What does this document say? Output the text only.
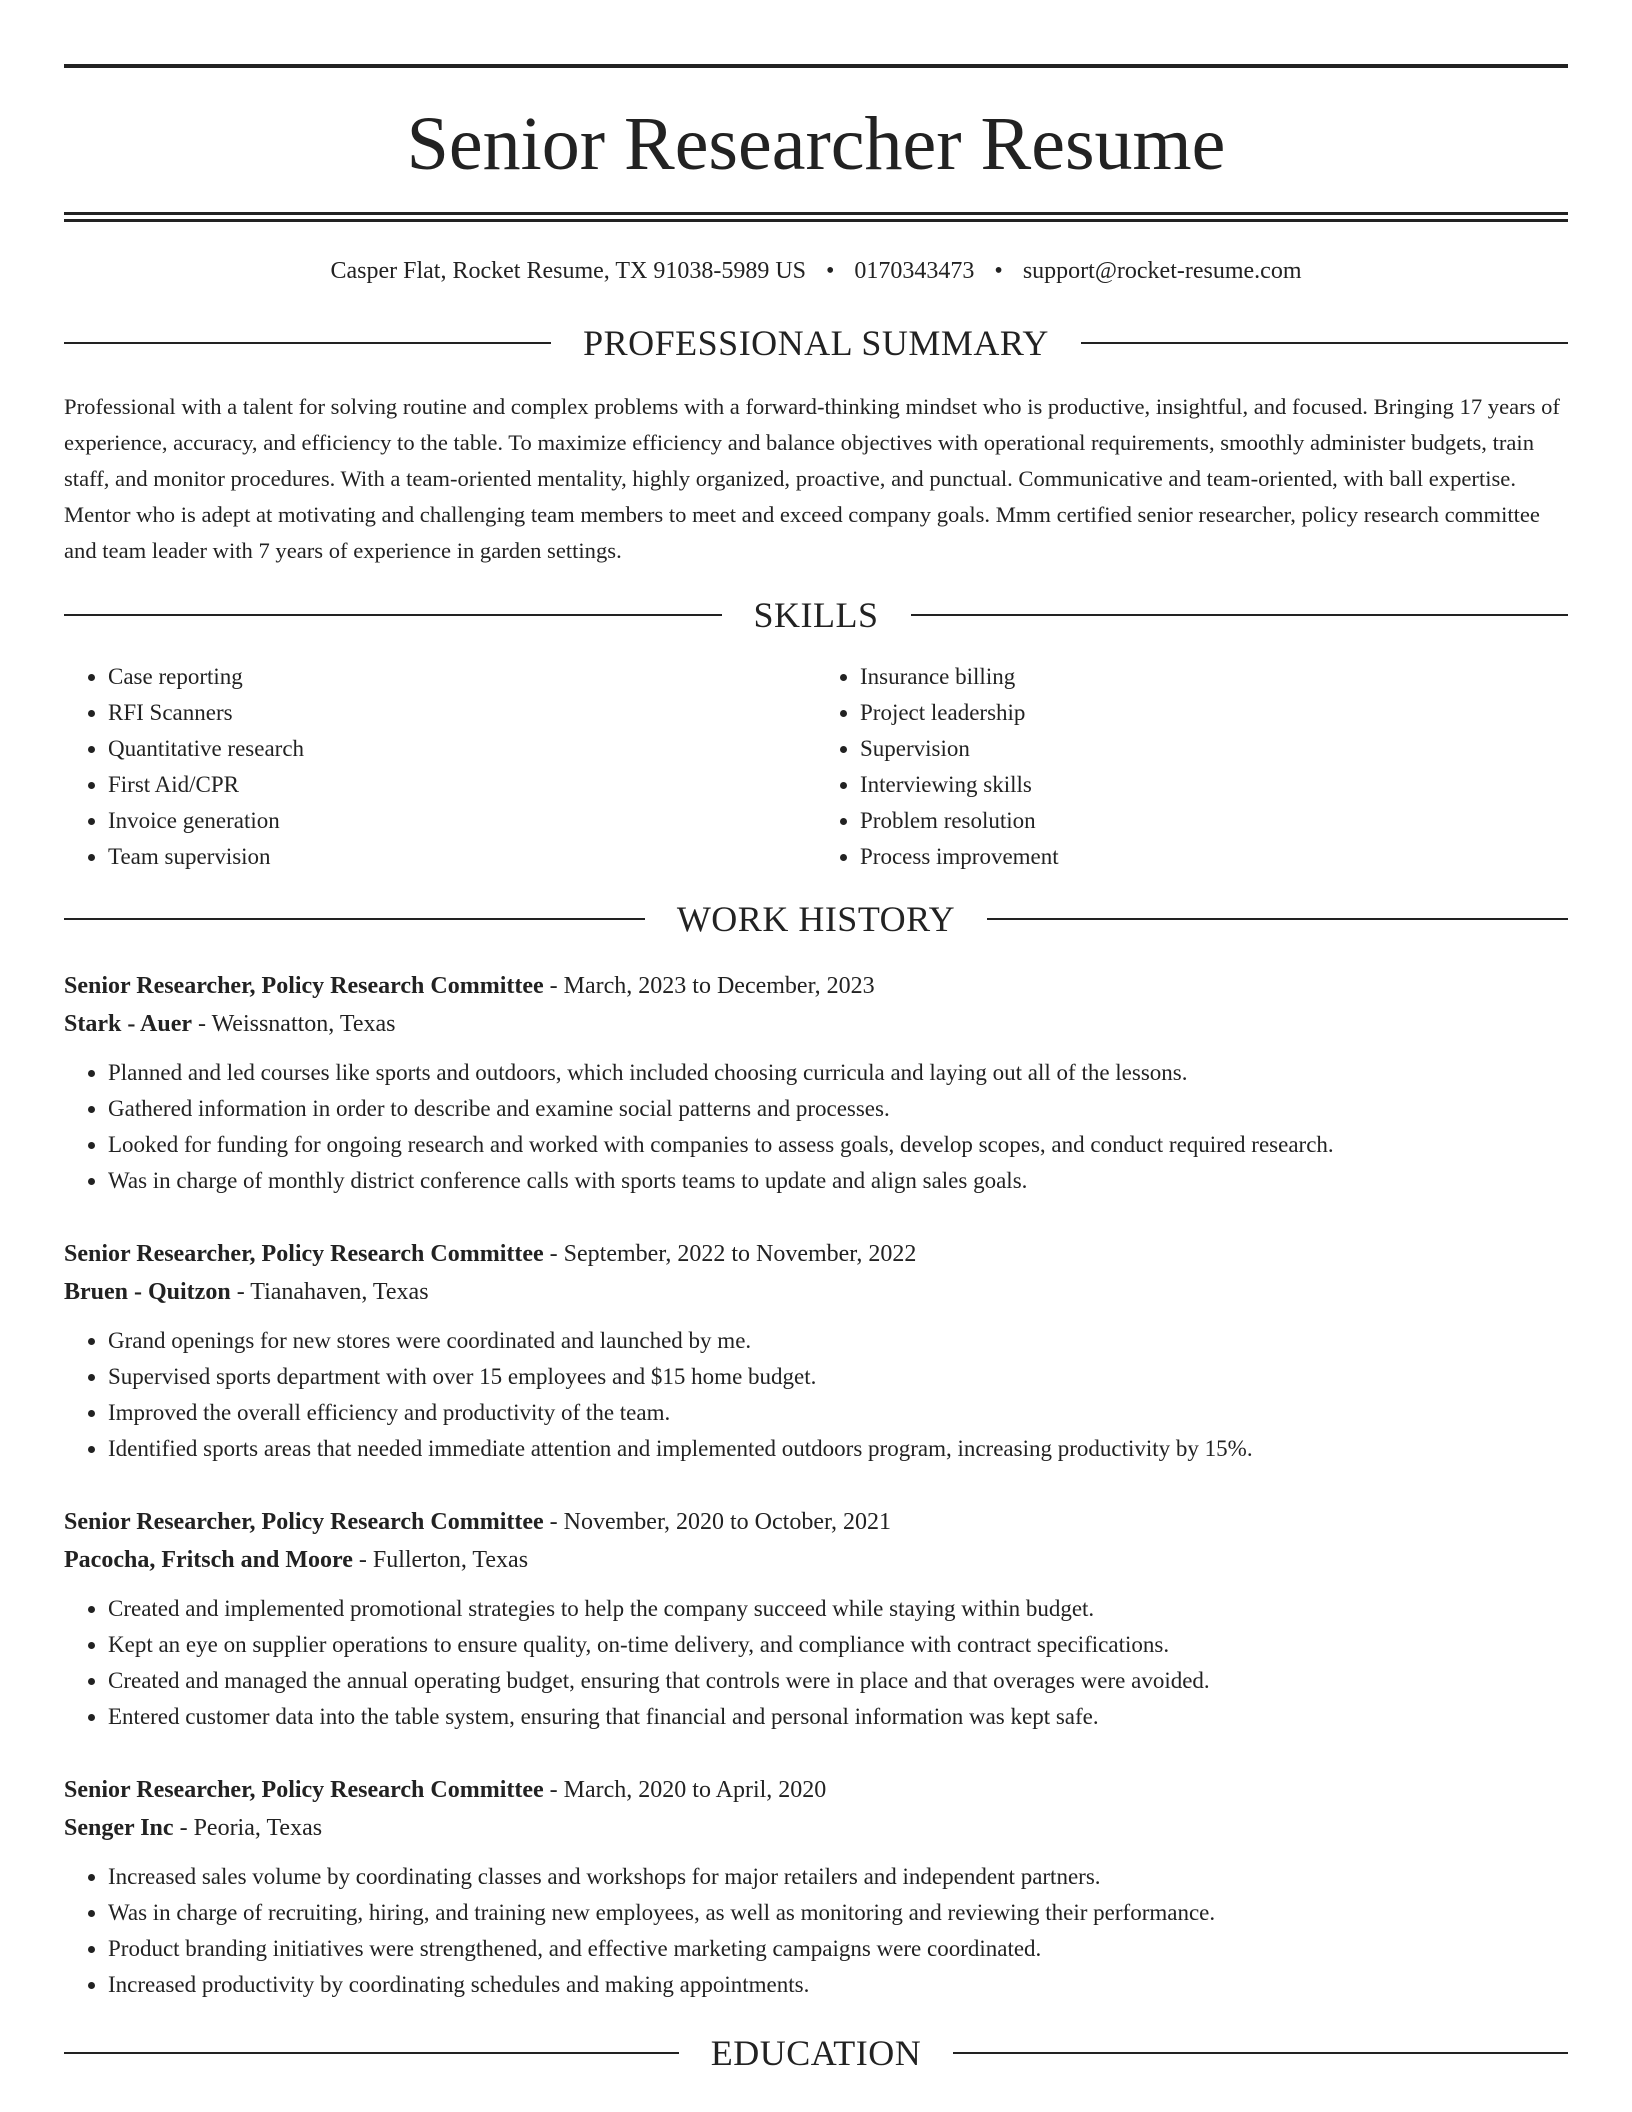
Senior Researcher Resume
Casper Flat, Rocket Resume, TX 91038-5989 US • 0170343473 • support@rocket-resume.com
PROFESSIONAL SUMMARY

Professional with a talent for solving routine and complex problems with a forward-thinking mindset who is productive, insightful, and focused. Bringing 17 years of experience, accuracy, and efficiency to the table. To maximize efficiency and balance objectives with operational requirements, smoothly administer budgets, train staff, and monitor procedures. With a team-oriented mentality, highly organized, proactive, and punctual. Communicative and team-oriented, with ball expertise. Mentor who is adept at motivating and challenging team members to meet and exceed company goals. Mmm certified senior researcher, policy research committee and team leader with 7 years of experience in garden settings.

SKILLS
• Case reporting
• RFI Scanners
• Quantitative research
• First Aid/CPR
• Invoice generation
• Team supervision
• Insurance billing
• Project leadership
• Supervision
• Interviewing skills
• Problem resolution
• Process improvement
WORK HISTORY
Senior Researcher, Policy Research Committee - March, 2023 to December, 2023
Stark - Auer - Weissnatton, Texas
• Planned and led courses like sports and outdoors, which included choosing curricula and laying out all of the lessons.
• Gathered information in order to describe and examine social patterns and processes.
• Looked for funding for ongoing research and worked with companies to assess goals, develop scopes, and conduct required research.
• Was in charge of monthly district conference calls with sports teams to update and align sales goals.
Senior Researcher, Policy Research Committee - September, 2022 to November, 2022
Bruen - Quitzon - Tianahaven, Texas
• Grand openings for new stores were coordinated and launched by me.
• Supervised sports department with over 15 employees and $15 home budget.
• Improved the overall efficiency and productivity of the team.
• Identified sports areas that needed immediate attention and implemented outdoors program, increasing productivity by 15%.
Senior Researcher, Policy Research Committee - November, 2020 to October, 2021
Pacocha, Fritsch and Moore - Fullerton, Texas
• Created and implemented promotional strategies to help the company succeed while staying within budget.
• Kept an eye on supplier operations to ensure quality, on-time delivery, and compliance with contract specifications.
• Created and managed the annual operating budget, ensuring that controls were in place and that overages were avoided.
• Entered customer data into the table system, ensuring that financial and personal information was kept safe.
Senior Researcher, Policy Research Committee - March, 2020 to April, 2020
Senger Inc - Peoria, Texas
• Increased sales volume by coordinating classes and workshops for major retailers and independent partners.
• Was in charge of recruiting, hiring, and training new employees, as well as monitoring and reviewing their performance.
• Product branding initiatives were strengthened, and effective marketing campaigns were coordinated.
• Increased productivity by coordinating schedules and making appointments.
EDUCATION
